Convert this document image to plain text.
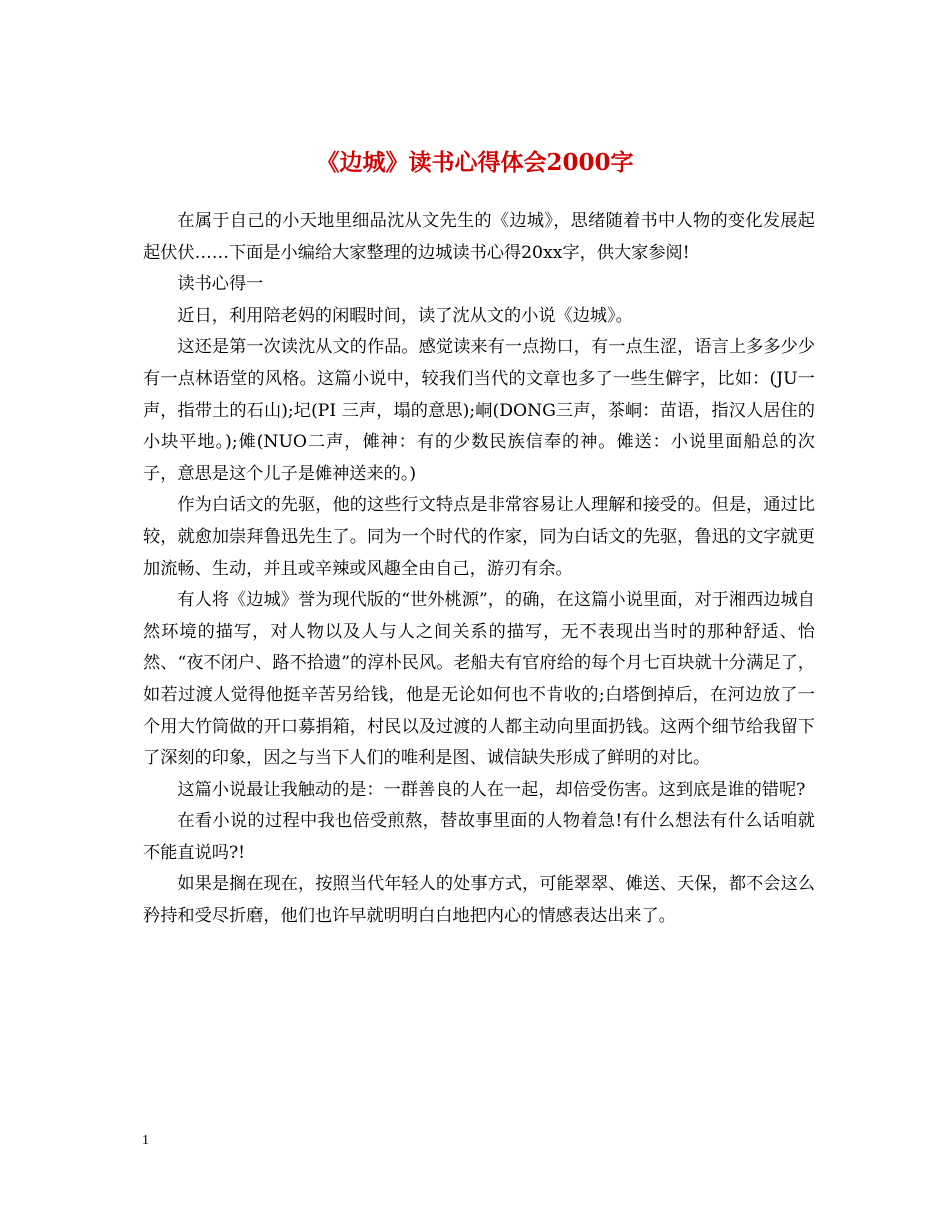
《边城》读书心得体会2000字

在属于自己的小天地里细品沈从文先生的《边城》，思绪随着书中人物的变化发展起起伏伏……下面是小编给大家整理的边城读书心得20xx字，供大家参阅!

读书心得一

近日，利用陪老妈的闲暇时间，读了沈从文的小说《边城》。

这还是第一次读沈从文的作品。感觉读来有一点拗口，有一点生涩，语言上多多少少有一点林语堂的风格。这篇小说中，较我们当代的文章也多了一些生僻字，比如：(JU一声，指带土的石山);圮(PI 三声，塌的意思);峒(DONG三声，茶峒：苗语，指汉人居住的小块平地。);傩(NUO二声，傩神：有的少数民族信奉的神。傩送：小说里面船总的次子，意思是这个儿子是傩神送来的。)

作为白话文的先驱，他的这些行文特点是非常容易让人理解和接受的。但是，通过比较，就愈加崇拜鲁迅先生了。同为一个时代的作家，同为白话文的先驱，鲁迅的文字就更加流畅、生动，并且或辛辣或风趣全由自己，游刃有余。

有人将《边城》誉为现代版的“世外桃源”，的确，在这篇小说里面，对于湘西边城自然环境的描写，对人物以及人与人之间关系的描写，无不表现出当时的那种舒适、怡然、“夜不闭户、路不拾遗”的淳朴民风。老船夫有官府给的每个月七百块就十分满足了，如若过渡人觉得他挺辛苦另给钱，他是无论如何也不肯收的;白塔倒掉后，在河边放了一个用大竹筒做的开口募捐箱，村民以及过渡的人都主动向里面扔钱。这两个细节给我留下了深刻的印象，因之与当下人们的唯利是图、诚信缺失形成了鲜明的对比。

这篇小说最让我触动的是：一群善良的人在一起，却倍受伤害。这到底是谁的错呢?

在看小说的过程中我也倍受煎熬，替故事里面的人物着急!有什么想法有什么话咱就不能直说吗?!

如果是搁在现在，按照当代年轻人的处事方式，可能翠翠、傩送、天保，都不会这么矜持和受尽折磨，他们也许早就明明白白地把内心的情感表达出来了。

1
